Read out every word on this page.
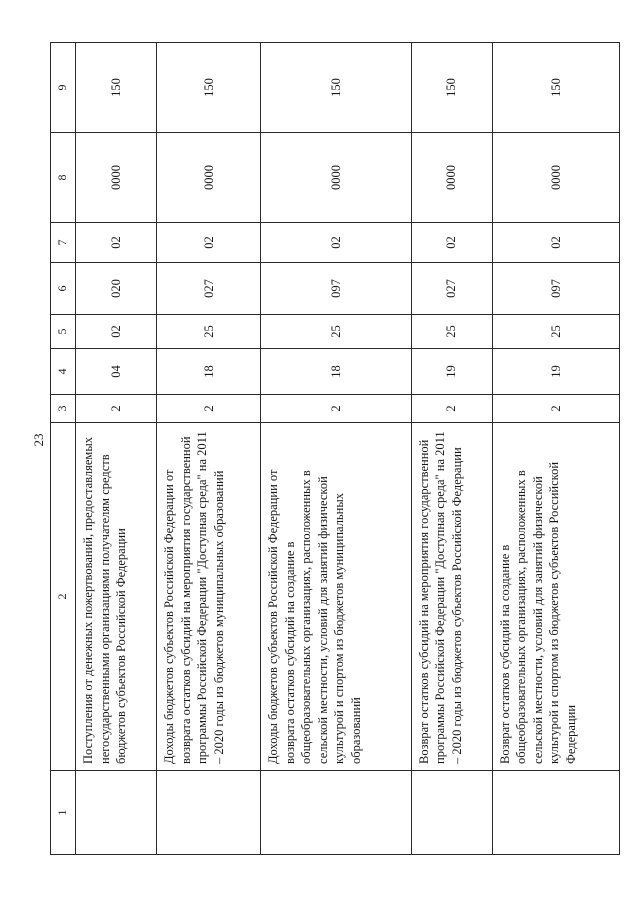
23
1	2	3	4	5	6	7	8	9
	Поступления от денежных пожертвований, предоставляемых негосударственными организациями получателям средств бюджетов субъектов Российской Федерации	2	04	02	020	02	0000	150
	Доходы бюджетов субъектов Российской Федерации от возврата остатков субсидий на мероприятия государственной программы Российской Федерации "Доступная среда" на 2011 – 2020 годы из бюджетов муниципальных образований	2	18	25	027	02	0000	150
	Доходы бюджетов субъектов Российской Федерации от возврата остатков субсидий на создание в общеобразовательных организациях, расположенных в сельской местности, условий для занятий физической культурой и спортом из бюджетов муниципальных образований	2	18	25	097	02	0000	150
	Возврат остатков субсидий на мероприятия государственной программы Российской Федерации "Доступная среда" на 2011 – 2020 годы из бюджетов субъектов Российской Федерации	2	19	25	027	02	0000	150
	Возврат остатков субсидий на создание в общеобразовательных организациях, расположенных в сельской местности, условий для занятий физической культурой и спортом из бюджетов субъектов Российской Федерации	2	19	25	097	02	0000	150
